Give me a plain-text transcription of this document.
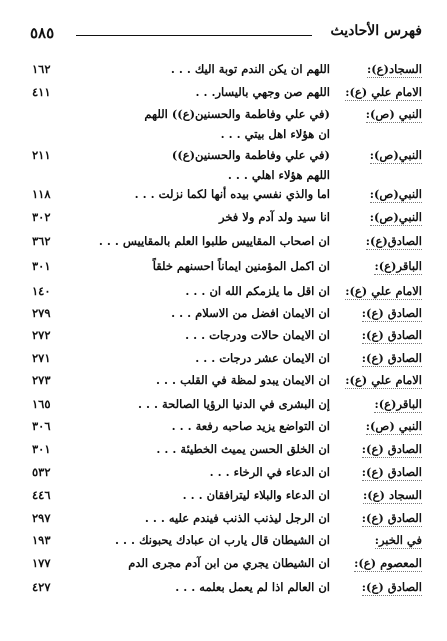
٥٨٥	فهرس الأحاديث
السجاد(ع):
اللهم ان يكن الندم توبة اليك . . .
١٦٢
الامام علي (ع):
اللهم صن وجهي باليسار. . .
٤١١
النبي (ص):
(في علي وفاطمة والحسنين(ع)) اللهم
ان هؤلاء اهل بيتي . . .
النبي(ص):
(في علي وفاطمة والحسنين(ع))
٢١١
اللهم هؤلاء اهلي . . .
النبي(ص):
اما والذي نفسي بيده أنها لكما نزلت . . .
١١٨
النبي(ص):
انا سيد ولد آدم ولا فخر
٣٠٢
الصادق(ع):
ان اصحاب المقاييس طلبوا العلم بالمقاييس . . .
٣٦٢
الباقر(ع):
ان اكمل المؤمنين ايماناً احسنهم خلقاً
٣٠١
الامام علي (ع):
ان اقل ما يلزمكم الله ان . . .
١٤٠
الصادق (ع):
ان الايمان افضل من الاسلام . . .
٢٧٩
الصادق (ع):
ان الايمان حالات ودرجات . . .
٢٧٢
الصادق (ع):
ان الايمان عشر درجات . . .
٢٧١
الامام علي (ع):
ان الايمان يبدو لمظة في القلب . . .
٢٧٣
الباقر(ع):
إن البشرى في الدنيا الرؤيا الصالحة . . .
١٦٥
النبي (ص):
ان التواضع يزيد صاحبه رفعة . . .
٣٠٦
الصادق (ع):
ان الخلق الحسن يميث الخطيئة . . .
٣٠١
الصادق (ع):
ان الدعاء في الرخاء . . .
٥٣٢
السجاد (ع):
ان الدعاء والبلاء ليترافقان . . .
٤٤٦
الصادق (ع):
ان الرجل ليذنب الذنب فيندم عليه . . .
٢٩٧
في الخبر:
ان الشيطان قال يارب ان عبادك يحبونك . . .
١٩٣
المعصوم (ع):
ان الشيطان يجري من ابن آدم مجرى الدم
١٧٧
الصادق (ع):
ان العالم اذا لم يعمل بعلمه . . .
٤٢٧
